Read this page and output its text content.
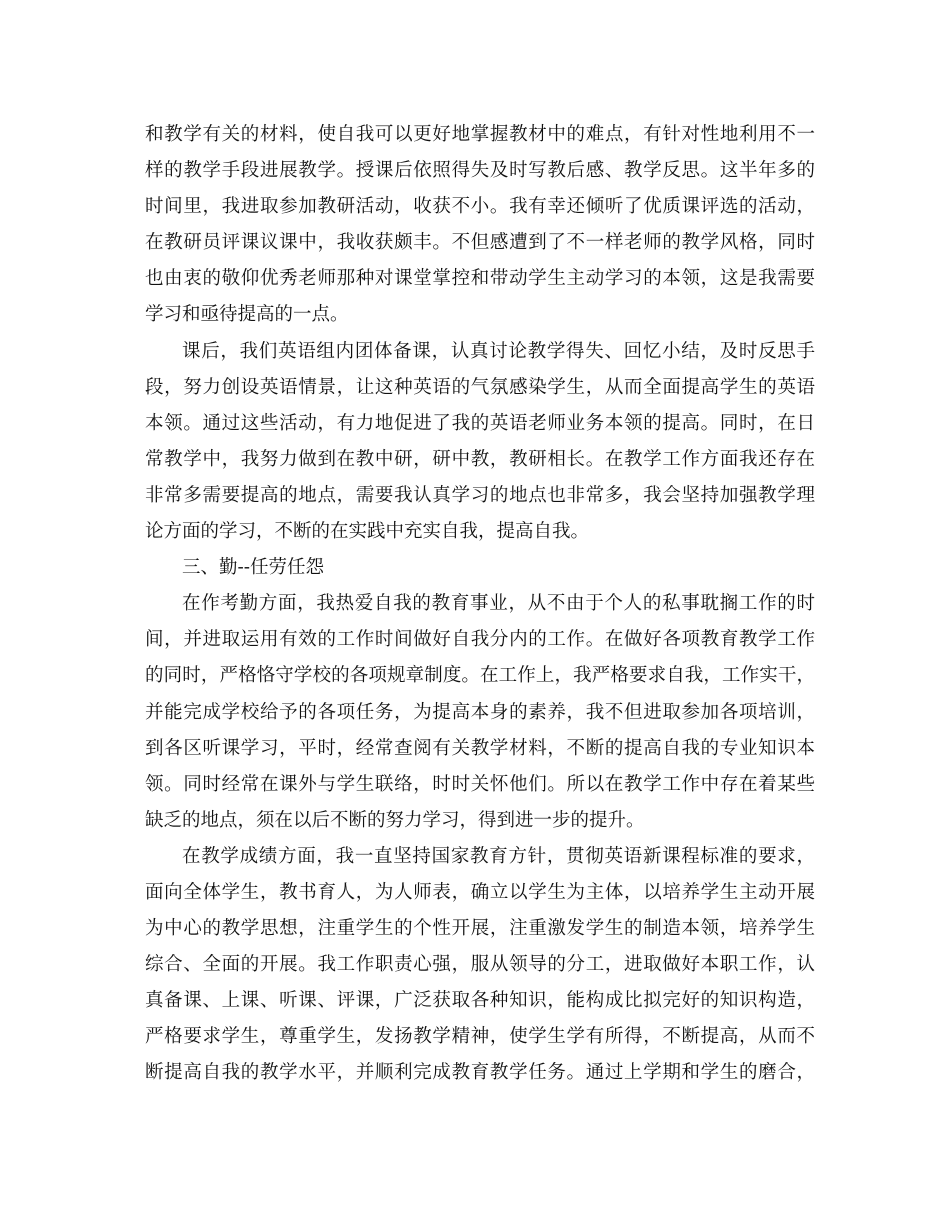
和教学有关的材料，使自我可以更好地掌握教材中的难点，有针对性地利用不一
样的教学手段进展教学。授课后依照得失及时写教后感、教学反思。这半年多的
时间里，我进取参加教研活动，收获不小。我有幸还倾听了优质课评选的活动，
在教研员评课议课中，我收获颇丰。不但感遭到了不一样老师的教学风格，同时
也由衷的敬仰优秀老师那种对课堂掌控和带动学生主动学习的本领，这是我需要
学习和亟待提高的一点。
课后，我们英语组内团体备课，认真讨论教学得失、回忆小结，及时反思手
段，努力创设英语情景，让这种英语的气氛感染学生，从而全面提高学生的英语
本领。通过这些活动，有力地促进了我的英语老师业务本领的提高。同时，在日
常教学中，我努力做到在教中研，研中教，教研相长。在教学工作方面我还存在
非常多需要提高的地点，需要我认真学习的地点也非常多，我会坚持加强教学理
论方面的学习，不断的在实践中充实自我，提高自我。
三、勤--任劳任怨
在作考勤方面，我热爱自我的教育事业，从不由于个人的私事耽搁工作的时
间，并进取运用有效的工作时间做好自我分内的工作。在做好各项教育教学工作
的同时，严格恪守学校的各项规章制度。在工作上，我严格要求自我，工作实干，
并能完成学校给予的各项任务，为提高本身的素养，我不但进取参加各项培训，
到各区听课学习，平时，经常查阅有关教学材料，不断的提高自我的专业知识本
领。同时经常在课外与学生联络，时时关怀他们。所以在教学工作中存在着某些
缺乏的地点，须在以后不断的努力学习，得到进一步的提升。
在教学成绩方面，我一直坚持国家教育方针，贯彻英语新课程标准的要求，
面向全体学生，教书育人，为人师表，确立以学生为主体，以培养学生主动开展
为中心的教学思想，注重学生的个性开展，注重激发学生的制造本领，培养学生
综合、全面的开展。我工作职责心强，服从领导的分工，进取做好本职工作，认
真备课、上课、听课、评课，广泛获取各种知识，能构成比拟完好的知识构造，
严格要求学生，尊重学生，发扬教学精神，使学生学有所得，不断提高，从而不
断提高自我的教学水平，并顺利完成教育教学任务。通过上学期和学生的磨合，
